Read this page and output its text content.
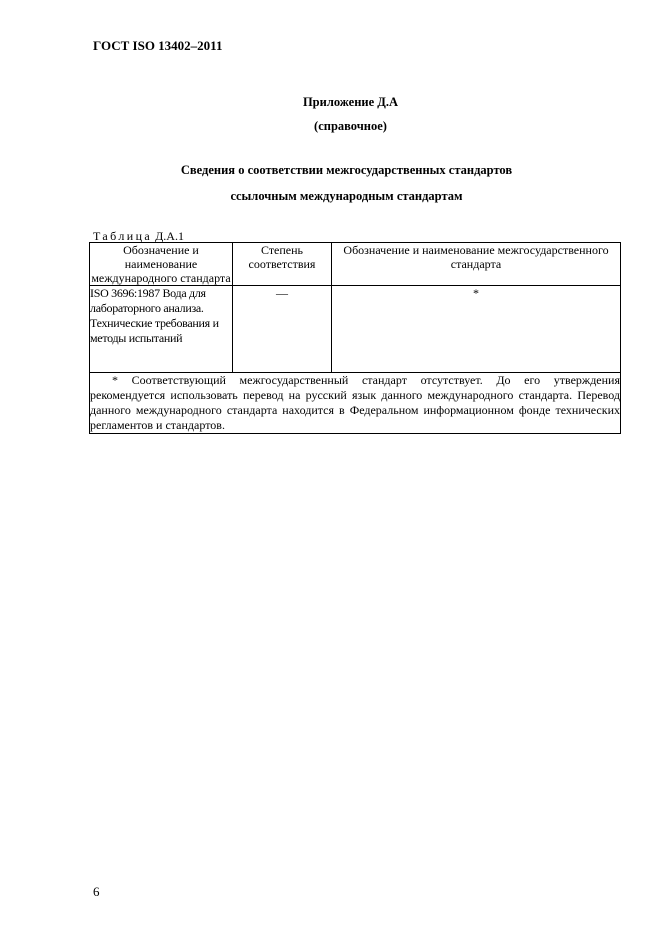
ГОСТ ISO 13402–2011
Приложение Д.А
(справочное)
Сведения о соответствии межгосударственных стандартов
ссылочным международным стандартам
Таблица Д.А.1
Обозначение и наименование международного стандарта	Степень соответствия	Обозначение и наименование межгосударственного стандарта
ISO 3696:1987 Вода для лабораторного анализа. Технические требования и методы испытаний	—	*
* Соответствующий межгосударственный стандарт отсутствует. До его утверждения рекомендуется использовать перевод на русский язык данного международного стандарта. Перевод данного международного стандарта находится в Федеральном информационном фонде технических регламентов и стандартов.		
6
